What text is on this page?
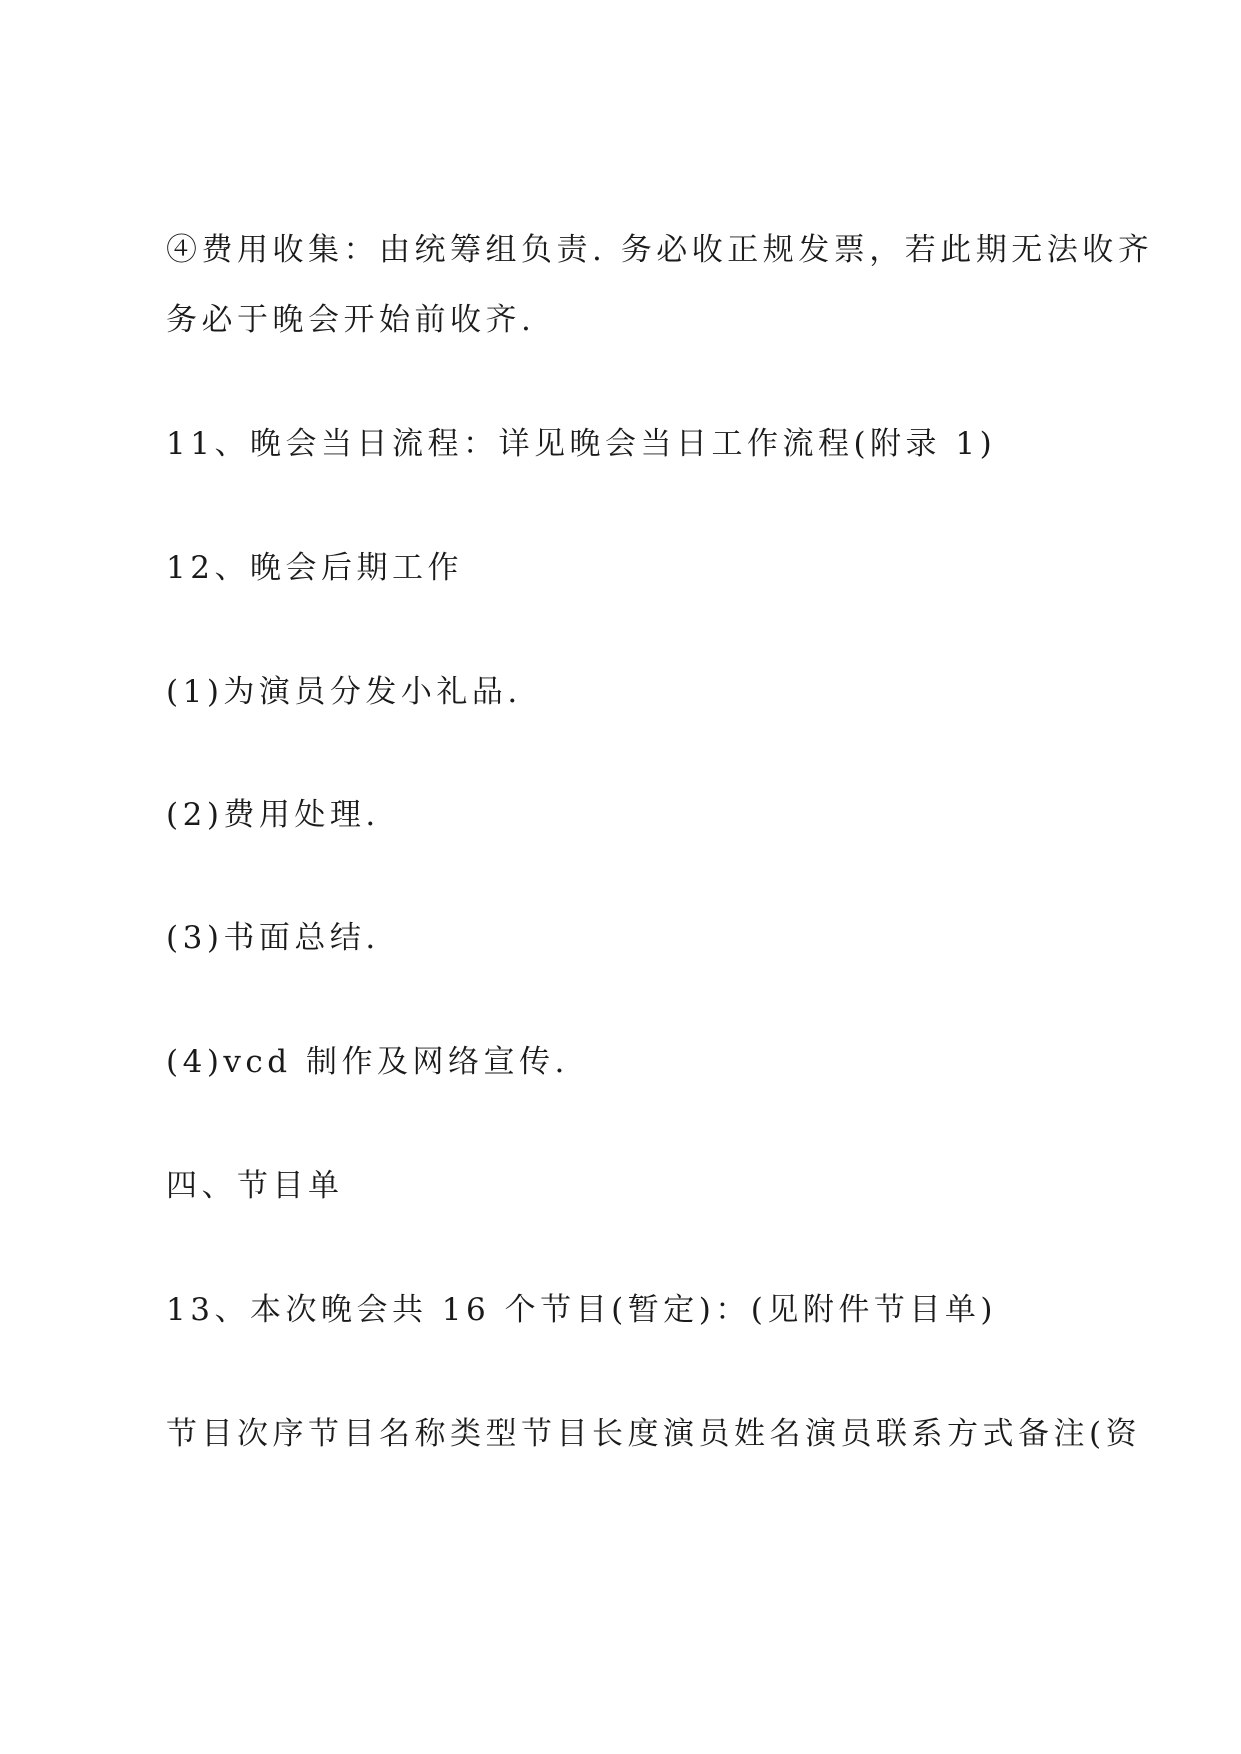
④费用收集：由统筹组负责. 务必收正规发票，若此期无法收齐

务必于晚会开始前收齐.

11、晚会当日流程：详见晚会当日工作流程(附录 1)

12、晚会后期工作

(1)为演员分发小礼品.

(2)费用处理.

(3)书面总结.

(4)vcd 制作及网络宣传.

四、节目单

13、本次晚会共 16 个节目(暂定)：(见附件节目单)

节目次序节目名称类型节目长度演员姓名演员联系方式备注(资
